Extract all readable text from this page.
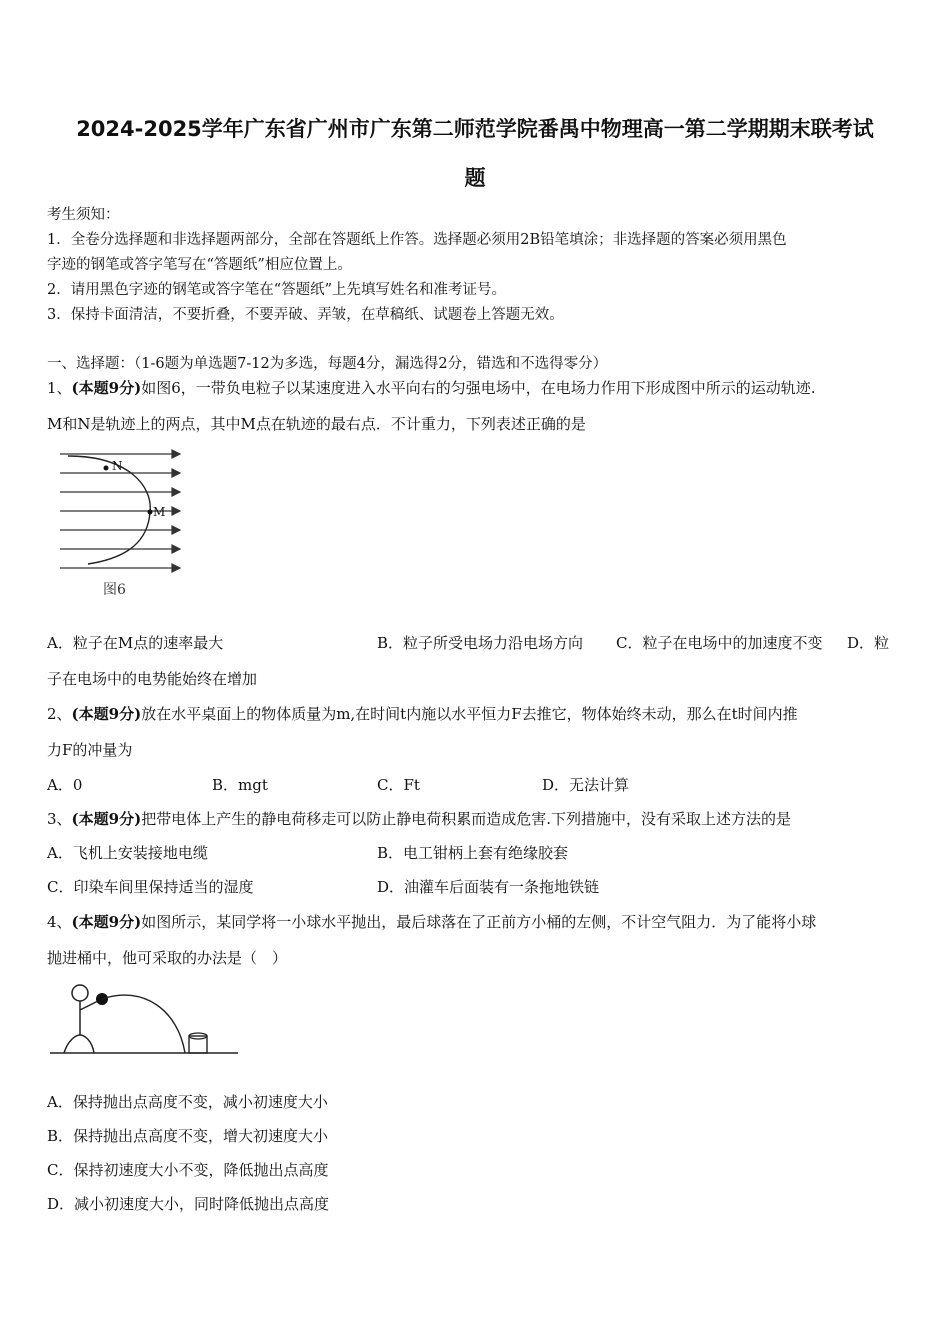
2024-2025学年广东省广州市广东第二师范学院番禺中物理高一第二学期期末联考试
题
考生须知：
1．全卷分选择题和非选择题两部分，全部在答题纸上作答。选择题必须用2B铅笔填涂；非选择题的答案必须用黑色
字迹的钢笔或答字笔写在“答题纸”相应位置上。
2．请用黑色字迹的钢笔或答字笔在“答题纸”上先填写姓名和准考证号。
3．保持卡面清洁，不要折叠，不要弄破、弄皱，在草稿纸、试题卷上答题无效。
一、选择题：（1-6题为单选题7-12为多选，每题4分，漏选得2分，错选和不选得零分）
1、(本题9分)如图6，一带负电粒子以某速度进入水平向右的匀强电场中，在电场力作用下形成图中所示的运动轨迹.
M和N是轨迹上的两点，其中M点在轨迹的最右点．不计重力，下列表述正确的是
N
M
图6
A．粒子在M点的速率最大	B．粒子所受电场力沿电场方向 C．粒子在电场中的加速度不变 D．粒
子在电场中的电势能始终在增加
2、(本题9分)放在水平桌面上的物体质量为m,在时间t内施以水平恒力F去推它，物体始终未动，那么在t时间内推
力F的冲量为
A．0	B．mgt	C．Ft	D．无法计算
3、(本题9分)把带电体上产生的静电荷移走可以防止静电荷积累而造成危害.下列措施中，没有采取上述方法的是
A．飞机上安装接地电缆	B．电工钳柄上套有绝缘胶套
C．印染车间里保持适当的湿度	D．油灌车后面装有一条拖地铁链
4、(本题9分)如图所示，某同学将一小球水平抛出，最后球落在了正前方小桶的左侧，不计空气阻力．为了能将小球
抛进桶中，他可采取的办法是（　）
A．保持抛出点高度不变，减小初速度大小
B．保持抛出点高度不变，增大初速度大小
C．保持初速度大小不变，降低抛出点高度
D．减小初速度大小，同时降低抛出点高度
